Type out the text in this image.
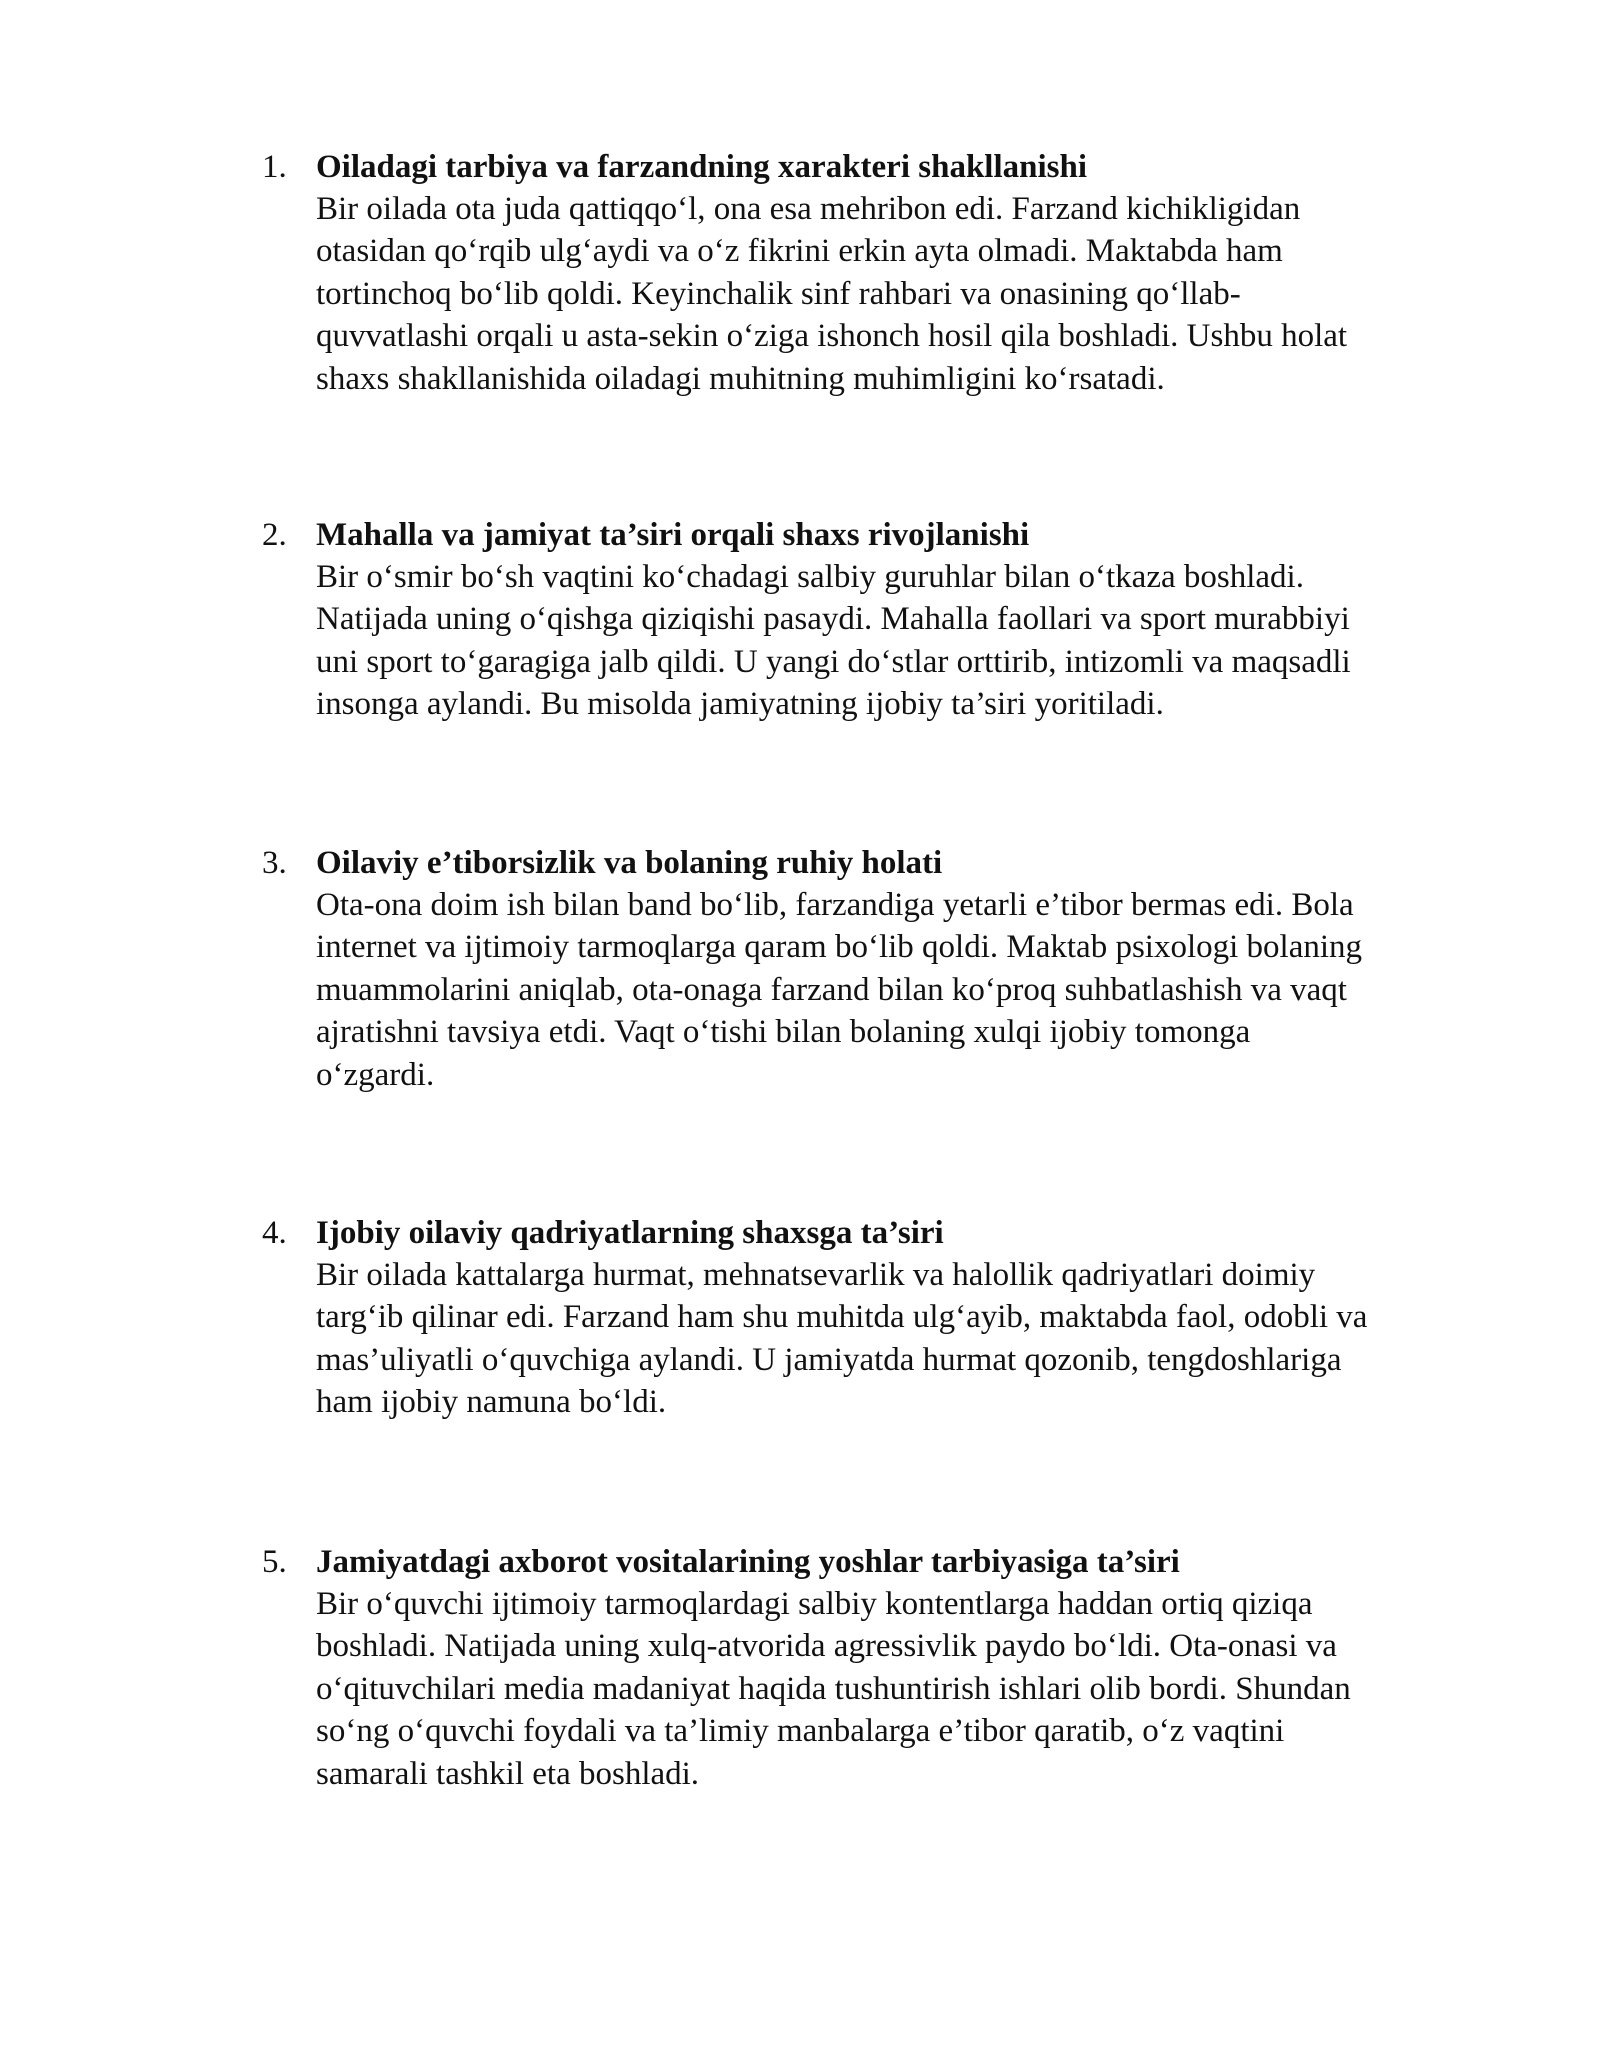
1. Oiladagi tarbiya va farzandning xarakteri shakllanishi

Bir oilada ota juda qattiqqo‘l, ona esa mehribon edi. Farzand kichikligidan
otasidan qo‘rqib ulg‘aydi va o‘z fikrini erkin ayta olmadi. Maktabda ham
tortinchoq bo‘lib qoldi. Keyinchalik sinf rahbari va onasining qo‘llab-
quvvatlashi orqali u asta-sekin o‘ziga ishonch hosil qila boshladi. Ushbu holat
shaxs shakllanishida oiladagi muhitning muhimligini ko‘rsatadi.

2. Mahalla va jamiyat ta’siri orqali shaxs rivojlanishi

Bir o‘smir bo‘sh vaqtini ko‘chadagi salbiy guruhlar bilan o‘tkaza boshladi.
Natijada uning o‘qishga qiziqishi pasaydi. Mahalla faollari va sport murabbiyi
uni sport to‘garagiga jalb qildi. U yangi do‘stlar orttirib, intizomli va maqsadli
insonga aylandi. Bu misolda jamiyatning ijobiy ta’siri yoritiladi.

3. Oilaviy e’tiborsizlik va bolaning ruhiy holati

Ota-ona doim ish bilan band bo‘lib, farzandiga yetarli e’tibor bermas edi. Bola
internet va ijtimoiy tarmoqlarga qaram bo‘lib qoldi. Maktab psixologi bolaning
muammolarini aniqlab, ota-onaga farzand bilan ko‘proq suhbatlashish va vaqt
ajratishni tavsiya etdi. Vaqt o‘tishi bilan bolaning xulqi ijobiy tomonga
o‘zgardi.

4. Ijobiy oilaviy qadriyatlarning shaxsga ta’siri

Bir oilada kattalarga hurmat, mehnatsevarlik va halollik qadriyatlari doimiy
targ‘ib qilinar edi. Farzand ham shu muhitda ulg‘ayib, maktabda faol, odobli va
mas’uliyatli o‘quvchiga aylandi. U jamiyatda hurmat qozonib, tengdoshlariga
ham ijobiy namuna bo‘ldi.

5. Jamiyatdagi axborot vositalarining yoshlar tarbiyasiga ta’siri

Bir o‘quvchi ijtimoiy tarmoqlardagi salbiy kontentlarga haddan ortiq qiziqa
boshladi. Natijada uning xulq-atvorida agressivlik paydo bo‘ldi. Ota-onasi va
o‘qituvchilari media madaniyat haqida tushuntirish ishlari olib bordi. Shundan
so‘ng o‘quvchi foydali va ta’limiy manbalarga e’tibor qaratib, o‘z vaqtini
samarali tashkil eta boshladi.
